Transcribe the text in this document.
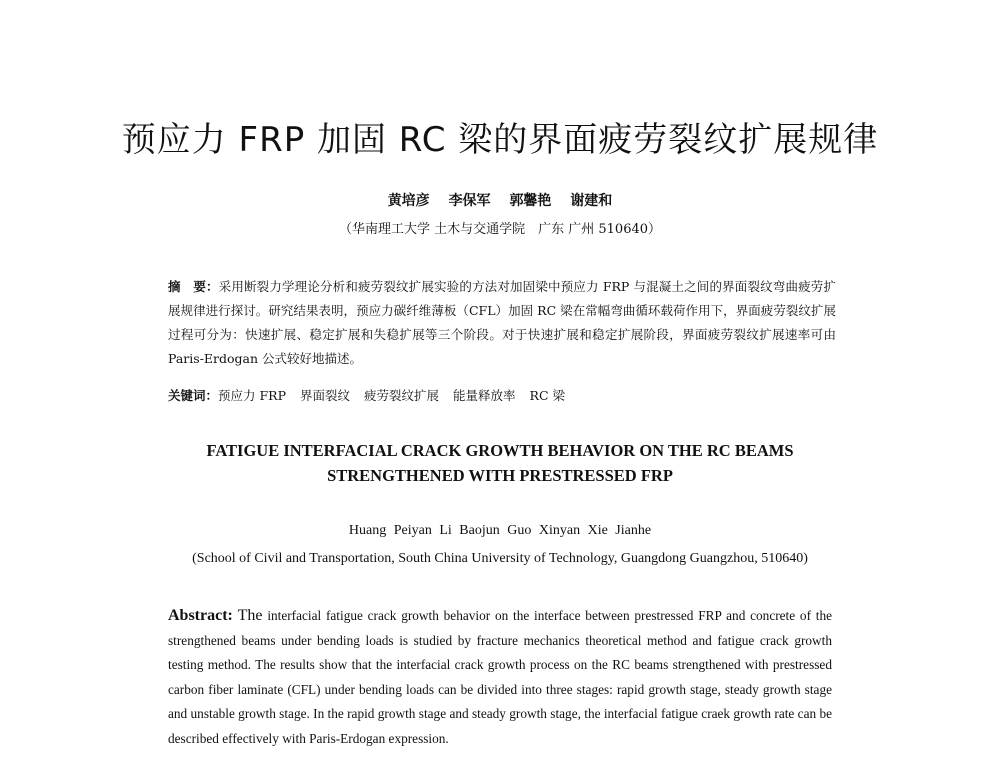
预应力 FRP 加固 RC 梁的界面疲劳裂纹扩展规律
黄培彦 李保军 郭馨艳 谢建和
（华南理工大学 土木与交通学院　广东 广州 510640）
摘　要：采用断裂力学理论分析和疲劳裂纹扩展实验的方法对加固梁中预应力 FRP 与混凝土之间的界面裂纹弯曲疲劳扩展规律进行探讨。研究结果表明，预应力碳纤维薄板（CFL）加固 RC 梁在常幅弯曲循环载荷作用下，界面疲劳裂纹扩展过程可分为：快速扩展、稳定扩展和失稳扩展等三个阶段。对于快速扩展和稳定扩展阶段，界面疲劳裂纹扩展速率可由 Paris-Erdogan 公式较好地描述。
关键词：预应力 FRP 界面裂纹 疲劳裂纹扩展 能量释放率 RC 梁
FATIGUE INTERFACIAL CRACK GROWTH BEHAVIOR ON THE RC BEAMS
STRENGTHENED WITH PRESTRESSED FRP
Huang Peiyan Li Baojun Guo Xinyan Xie Jianhe
(School of Civil and Transportation, South China University of Technology, Guangdong Guangzhou, 510640)
Abstract: The interfacial fatigue crack growth behavior on the interface between prestressed FRP and concrete of the strengthened beams under bending loads is studied by fracture mechanics theoretical method and fatigue crack growth testing method. The results show that the interfacial crack growth process on the RC beams strengthened with prestressed carbon fiber laminate (CFL) under bending loads can be divided into three stages: rapid growth stage, steady growth stage and unstable growth stage. In the rapid growth stage and steady growth stage, the interfacial fatigue craek growth rate can be described effectively with Paris-Erdogan expression.
